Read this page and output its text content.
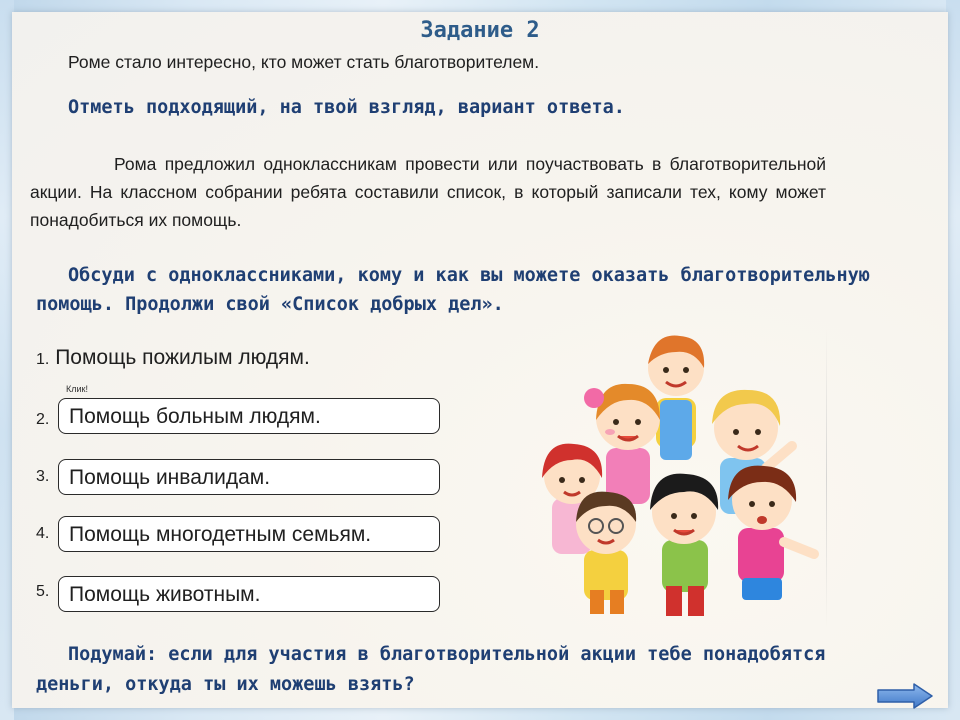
Задание 2
Роме стало интересно, кто может стать благотворителем.
Отметь подходящий, на твой взгляд, вариант ответа.
Рома предложил одноклассникам провести или поучаствовать в благотворительной акции. На классном собрании ребята составили список, в который записали тех, кому может понадобиться их помощь.
Обсуди с одноклассниками, кому и как вы можете оказать благотворительную помощь. Продолжи свой «Список добрых дел».
1. Помощь пожилым людям.
Клик!
2. Помощь больным людям.
3. Помощь инвалидам.
4. Помощь многодетным семьям.
5. Помощь животным.
Подумай: если для участия в благотворительной акции тебе понадобятся деньги, откуда ты их можешь взять?
